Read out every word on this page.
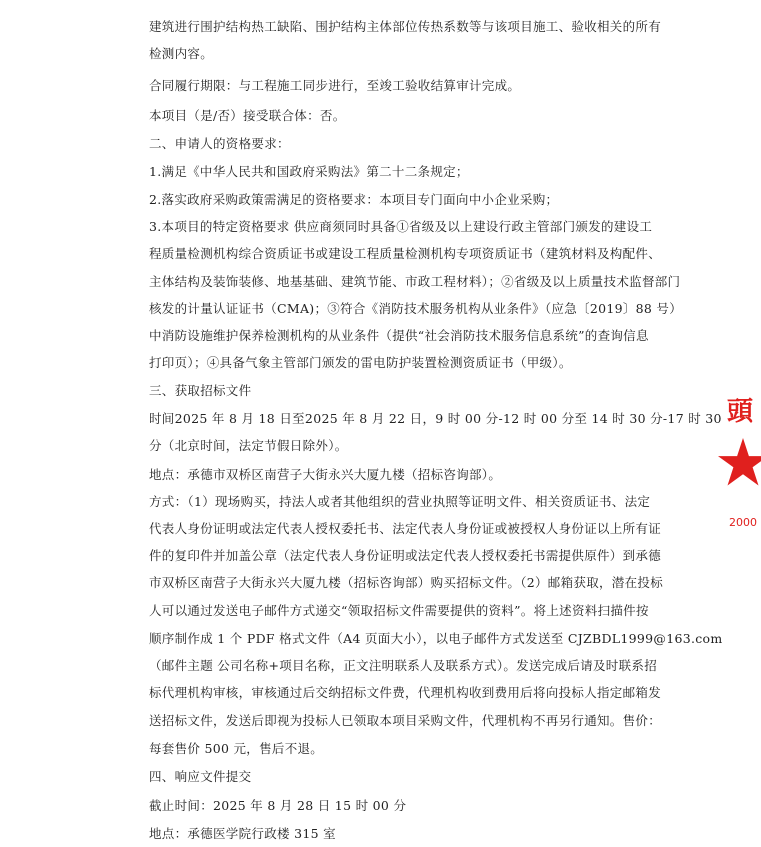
建筑进行围护结构热工缺陷、围护结构主体部位传热系数等与该项目施工、验收相关的所有
检测内容。
合同履行期限：与工程施工同步进行，至竣工验收结算审计完成。
本项目（是/否）接受联合体：否。
二、申请人的资格要求：
1.满足《中华人民共和国政府采购法》第二十二条规定；
2.落实政府采购政策需满足的资格要求：本项目专门面向中小企业采购；
3.本项目的特定资格要求 供应商须同时具备①省级及以上建设行政主管部门颁发的建设工
程质量检测机构综合资质证书或建设工程质量检测机构专项资质证书（建筑材料及构配件、
主体结构及装饰装修、地基基础、建筑节能、市政工程材料）；②省级及以上质量技术监督部门
核发的计量认证证书（CMA)；③符合《消防技术服务机构从业条件》（应急〔2019〕88 号）
中消防设施维护保养检测机构的从业条件（提供“社会消防技术服务信息系统”的查询信息
打印页）；④具备气象主管部门颁发的雷电防护装置检测资质证书（甲级）。
三、获取招标文件
时间2025 年 8 月 18 日至2025 年 8 月 22 日，9 时 00 分-12 时 00 分至 14 时 30 分-17 时 30
分（北京时间，法定节假日除外）。
地点：承德市双桥区南营子大街永兴大厦九楼（招标咨询部）。
方式：（1）现场购买，持法人或者其他组织的营业执照等证明文件、相关资质证书、法定
代表人身份证明或法定代表人授权委托书、法定代表人身份证或被授权人身份证以上所有证
件的复印件并加盖公章（法定代表人身份证明或法定代表人授权委托书需提供原件）到承德
市双桥区南营子大街永兴大厦九楼（招标咨询部）购买招标文件。（2）邮箱获取，潜在投标
人可以通过发送电子邮件方式递交“领取招标文件需要提供的资料”。将上述资料扫描件按
顺序制作成 1 个 PDF 格式文件（A4 页面大小），以电子邮件方式发送至 CJZBDL1999@163.com
（邮件主题 公司名称+项目名称，正文注明联系人及联系方式）。发送完成后请及时联系招
标代理机构审核，审核通过后交纳招标文件费，代理机构收到费用后将向投标人指定邮箱发
送招标文件，发送后即视为投标人已领取本项目采购文件，代理机构不再另行通知。售价：
每套售价 500 元，售后不退。
四、响应文件提交
截止时间：2025 年 8 月 28 日 15 时 00 分
地点：承德医学院行政楼 315 室
頭
2000
